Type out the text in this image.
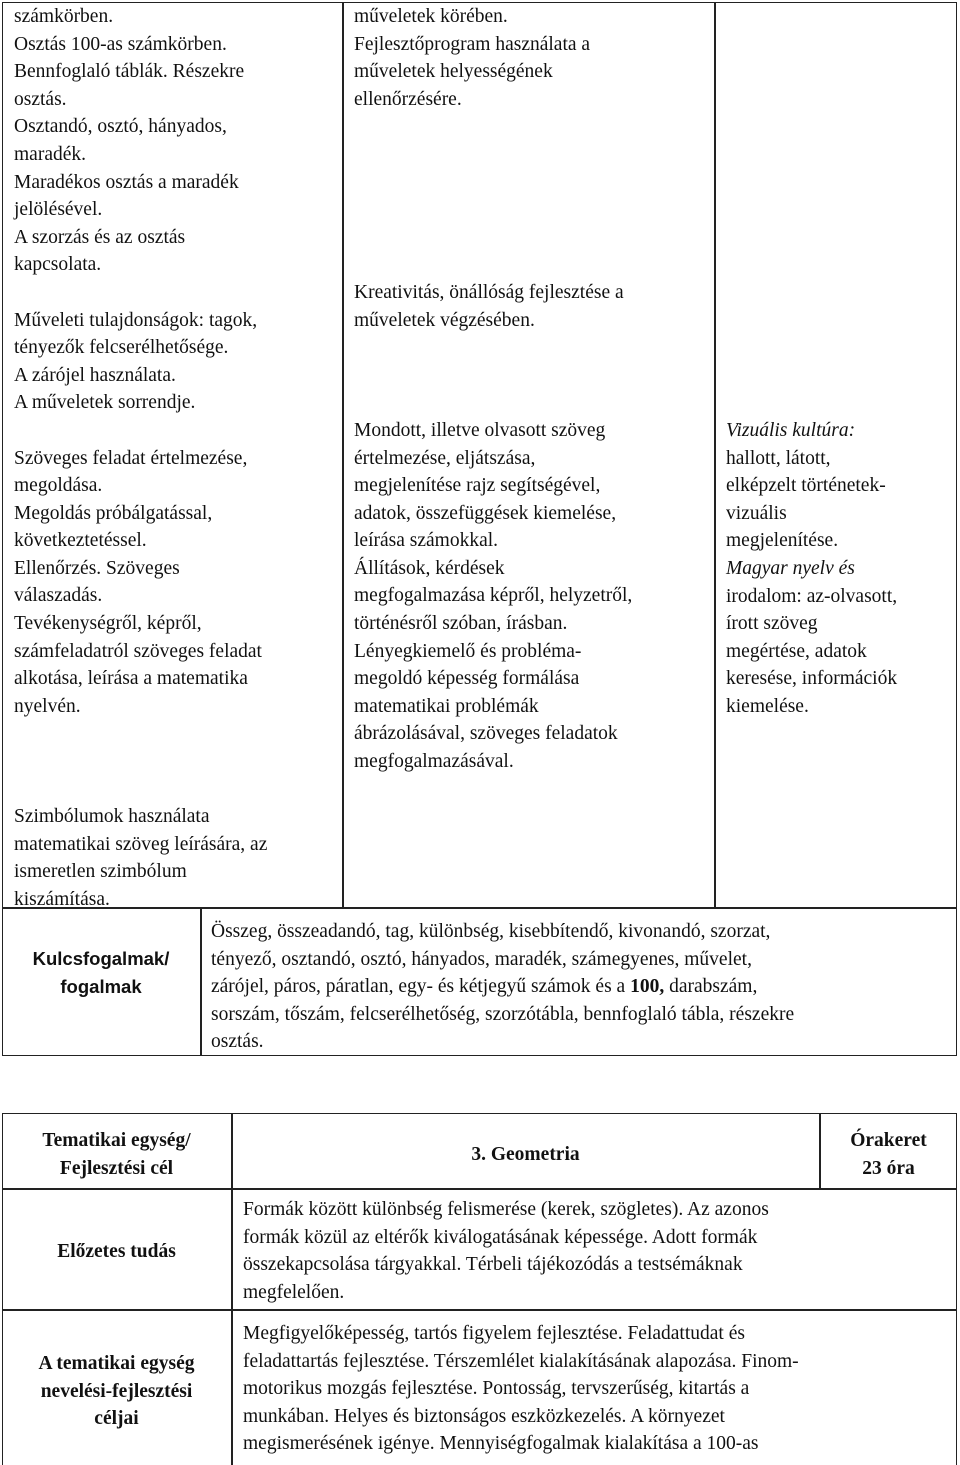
számkörben.

Osztás 100-as számkörben.

Bennfoglaló táblák. Részekre

osztás.

Osztandó, osztó, hányados,

maradék.

Maradékos osztás a maradék

jelölésével.

A szorzás és az osztás

kapcsolata.

Műveleti tulajdonságok: tagok,

tényezők felcserélhetősége.

A zárójel használata.

A műveletek sorrendje.

Szöveges feladat értelmezése,

megoldása.

Megoldás próbálgatással,

következtetéssel.

Ellenőrzés. Szöveges

válaszadás.

Tevékenységről, képről,

számfeladatról szöveges feladat

alkotása, leírása a matematika

nyelvén.

Szimbólumok használata

matematikai szöveg leírására, az

ismeretlen szimbólum

kiszámítása.

műveletek körében.

Fejlesztőprogram használata a

műveletek helyességének

ellenőrzésére.

Kreativitás, önállóság fejlesztése a

műveletek végzésében.

Mondott, illetve olvasott szöveg

értelmezése, eljátszása,

megjelenítése rajz segítségével,

adatok, összefüggések kiemelése,

leírása számokkal.

Állítások, kérdések

megfogalmazása képről, helyzetről,

történésről szóban, írásban.

Lényegkiemelő és probléma-

megoldó képesség formálása

matematikai problémák

ábrázolásával, szöveges feladatok

megfogalmazásával.

Vizuális kultúra:

hallott, látott,

elképzelt történetek-

vizuális

megjelenítése.

Magyar nyelv és

irodalom: az-olvasott,

írott szöveg

megértése, adatok

keresése, információk

kiemelése.

Kulcsfogalmak/
fogalmak

Összeg, összeadandó, tag, különbség, kisebbítendő, kivonandó, szorzat,

tényező, osztandó, osztó, hányados, maradék, számegyenes, művelet,

zárójel, páros, páratlan, egy- és kétjegyű számok és a 100, darabszám,

sorszám, tőszám, felcserélhetőség, szorzótábla, bennfoglaló tábla, részekre

osztás.

Tematikai egység/
Fejlesztési cél
3. Geometria
Órakeret
23 óra
Előzetes tudás

Formák között különbség felismerése (kerek, szögletes). Az azonos

formák közül az eltérők kiválogatásának képessége. Adott formák

összekapcsolása tárgyakkal. Térbeli tájékozódás a testsémáknak

megfelelően.

A tematikai egység
nevelési-fejlesztési
céljai

Megfigyelőképesség, tartós figyelem fejlesztése. Feladattudat és

feladattartás fejlesztése. Térszemlélet kialakításának alapozása. Finom-

motorikus mozgás fejlesztése. Pontosság, tervszerűség, kitartás a

munkában. Helyes és biztonságos eszközkezelés. A környezet

megismerésének igénye. Mennyiségfogalmak kialakítása a 100-as
